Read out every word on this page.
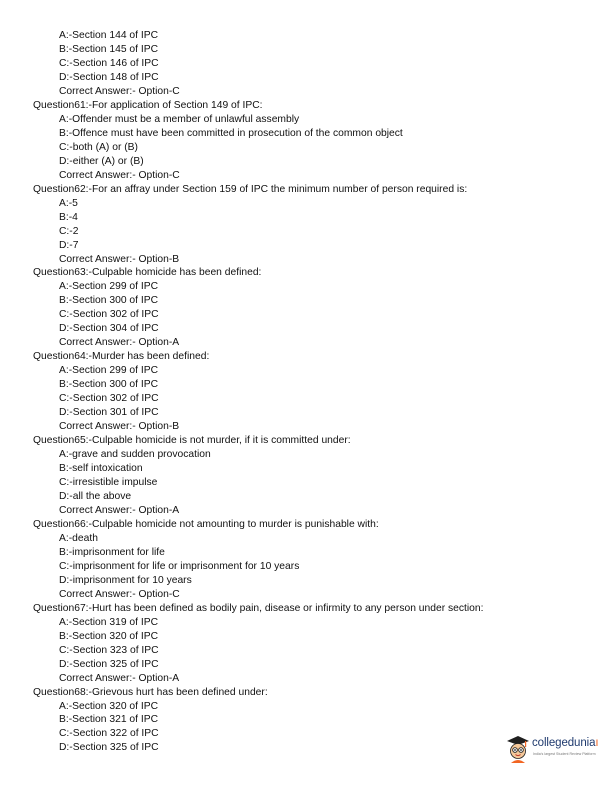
A:-Section 144 of IPC
B:-Section 145 of IPC
C:-Section 146 of IPC
D:-Section 148 of IPC
Correct Answer:- Option-C
Question61:-For application of Section 149 of IPC:
A:-Offender must be a member of unlawful assembly
B:-Offence must have been committed in prosecution of the common object
C:-both (A) or (B)
D:-either (A) or (B)
Correct Answer:- Option-C
Question62:-For an affray under Section 159 of IPC the minimum number of person required is:
A:-5
B:-4
C:-2
D:-7
Correct Answer:- Option-B
Question63:-Culpable homicide has been defined:
A:-Section 299 of IPC
B:-Section 300 of IPC
C:-Section 302 of IPC
D:-Section 304 of IPC
Correct Answer:- Option-A
Question64:-Murder has been defined:
A:-Section 299 of IPC
B:-Section 300 of IPC
C:-Section 302 of IPC
D:-Section 301 of IPC
Correct Answer:- Option-B
Question65:-Culpable homicide is not murder, if it is committed under:
A:-grave and sudden provocation
B:-self intoxication
C:-irresistible impulse
D:-all the above
Correct Answer:- Option-A
Question66:-Culpable homicide not amounting to murder is punishable with:
A:-death
B:-imprisonment for life
C:-imprisonment for life or imprisonment for 10 years
D:-imprisonment for 10 years
Correct Answer:- Option-C
Question67:-Hurt has been defined as bodily pain, disease or infirmity to any person under section:
A:-Section 319 of IPC
B:-Section 320 of IPC
C:-Section 323 of IPC
D:-Section 325 of IPC
Correct Answer:- Option-A
Question68:-Grievous hurt has been defined under:
A:-Section 320 of IPC
B:-Section 321 of IPC
C:-Section 322 of IPC
D:-Section 325 of IPC	collegeduniaı
India's largest Student Review Platform
